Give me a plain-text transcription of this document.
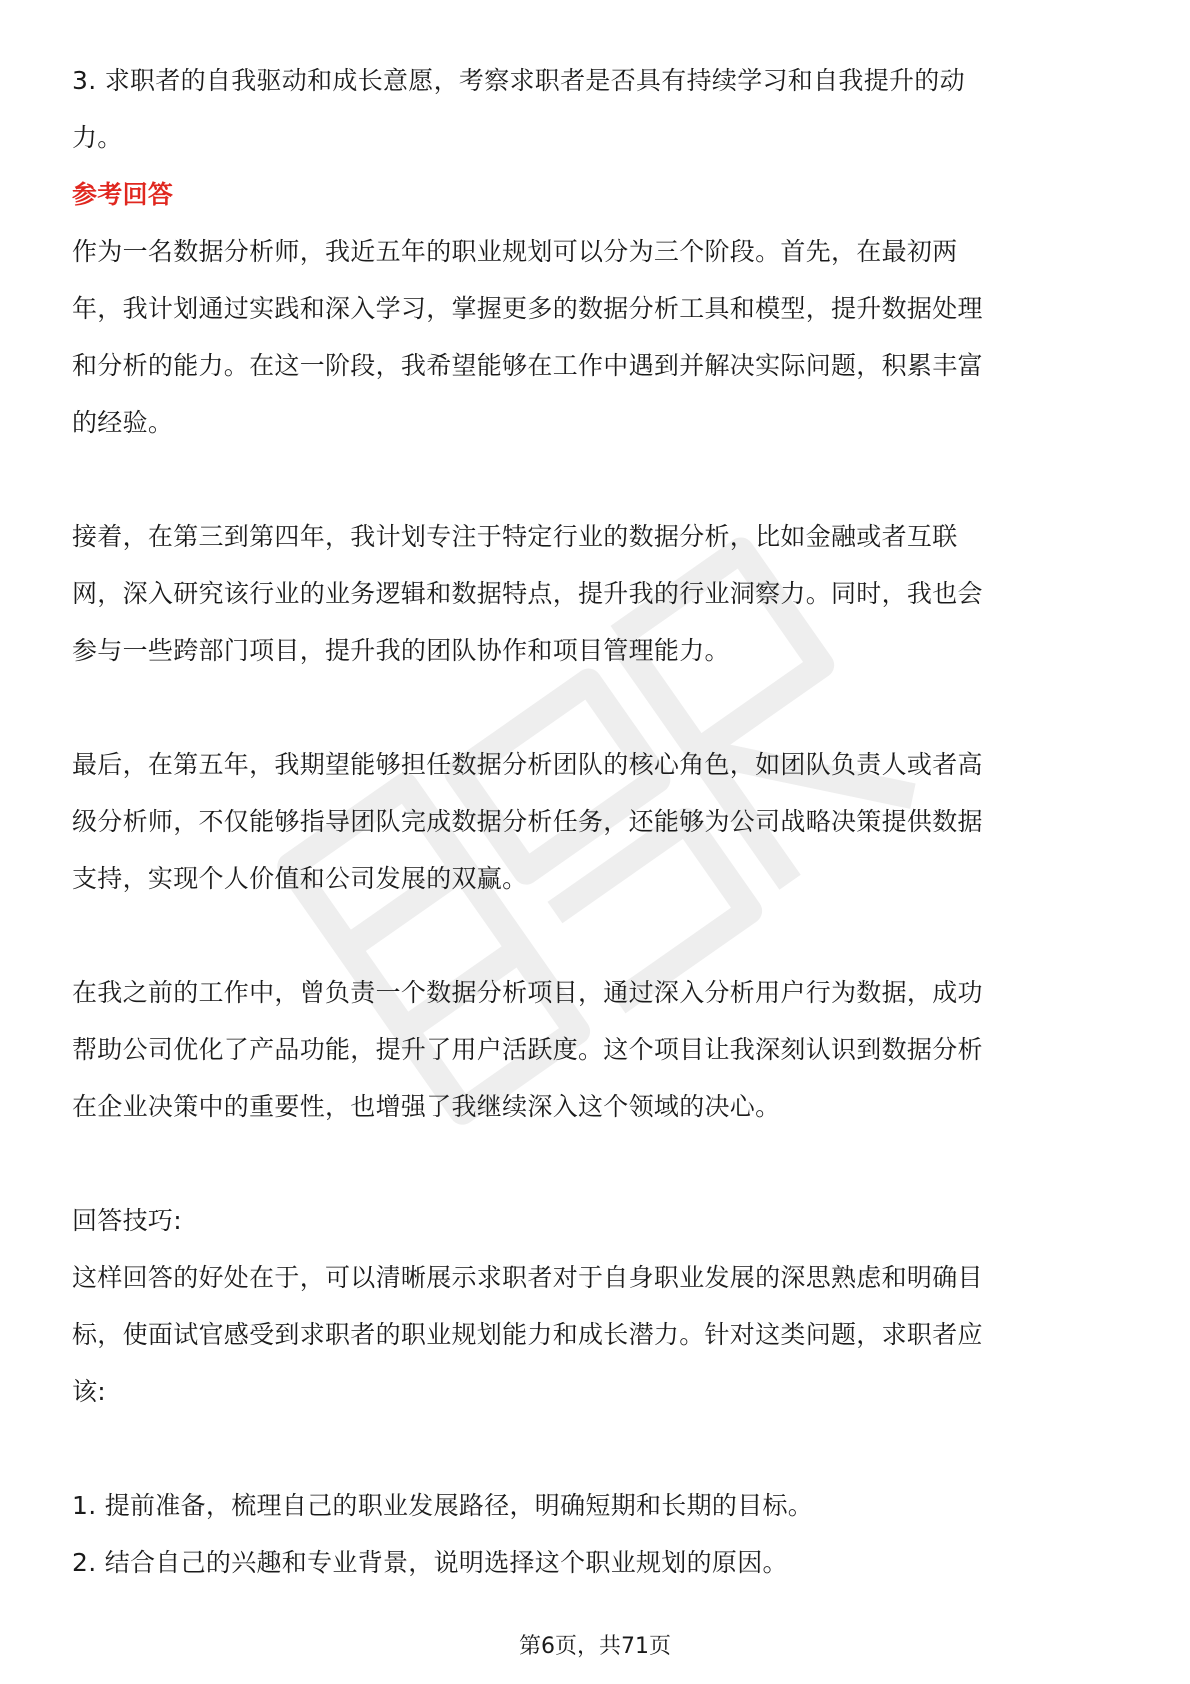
3. 求职者的自我驱动和成长意愿，考察求职者是否具有持续学习和自我提升的动
力。
参考回答
作为一名数据分析师，我近五年的职业规划可以分为三个阶段。首先，在最初两
年，我计划通过实践和深入学习，掌握更多的数据分析工具和模型，提升数据处理
和分析的能力。在这一阶段，我希望能够在工作中遇到并解决实际问题，积累丰富
的经验。
接着，在第三到第四年，我计划专注于特定行业的数据分析，比如金融或者互联
网，深入研究该行业的业务逻辑和数据特点，提升我的行业洞察力。同时，我也会
参与一些跨部门项目，提升我的团队协作和项目管理能力。
最后，在第五年，我期望能够担任数据分析团队的核心角色，如团队负责人或者高
级分析师，不仅能够指导团队完成数据分析任务，还能够为公司战略决策提供数据
支持，实现个人价值和公司发展的双赢。
在我之前的工作中，曾负责一个数据分析项目，通过深入分析用户行为数据，成功
帮助公司优化了产品功能，提升了用户活跃度。这个项目让我深刻认识到数据分析
在企业决策中的重要性，也增强了我继续深入这个领域的决心。
回答技巧:
这样回答的好处在于，可以清晰展示求职者对于自身职业发展的深思熟虑和明确目
标，使面试官感受到求职者的职业规划能力和成长潜力。针对这类问题，求职者应
该:
1. 提前准备，梳理自己的职业发展路径，明确短期和长期的目标。
2. 结合自己的兴趣和专业背景，说明选择这个职业规划的原因。
第6页，共71页
